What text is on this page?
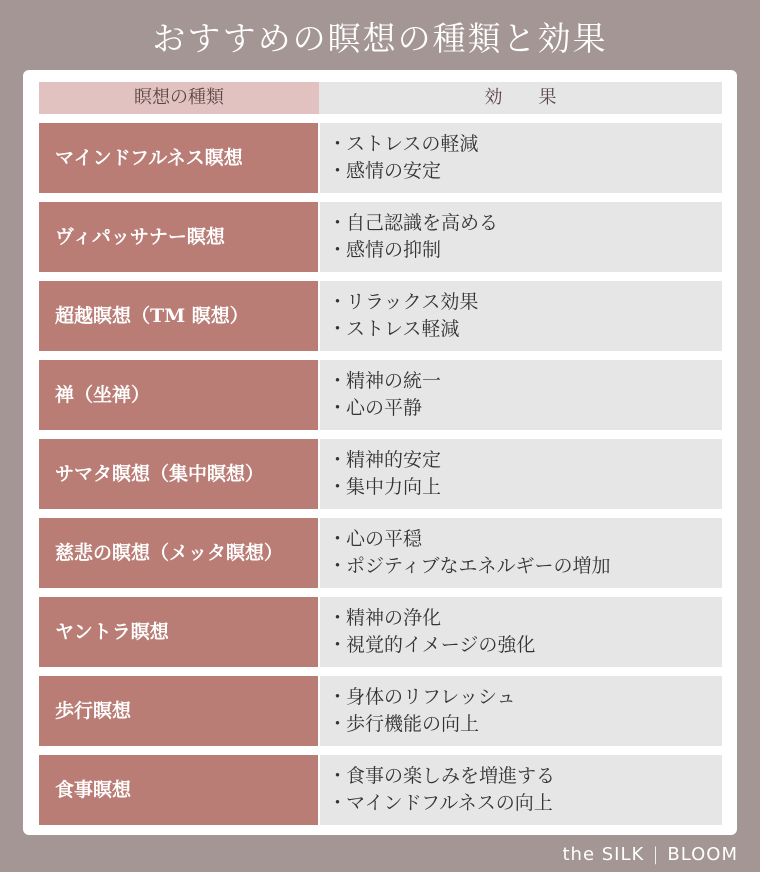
おすすめの瞑想の種類と効果
瞑想の種類	効　　果
マインドフルネス瞑想
・ストレスの軽減
・感情の安定
ヴィパッサナー瞑想
・自己認識を高める
・感情の抑制
超越瞑想（TM 瞑想）
・リラックス効果
・ストレス軽減
禅（坐禅）
・精神の統一
・心の平静
サマタ瞑想（集中瞑想）
・精神的安定
・集中力向上
慈悲の瞑想（メッタ瞑想）
・心の平穏
・ポジティブなエネルギーの増加
ヤントラ瞑想
・精神の浄化
・視覚的イメージの強化
歩行瞑想
・身体のリフレッシュ
・歩行機能の向上
食事瞑想
・食事の楽しみを増進する
・マインドフルネスの向上
the SILK | BLOOM
